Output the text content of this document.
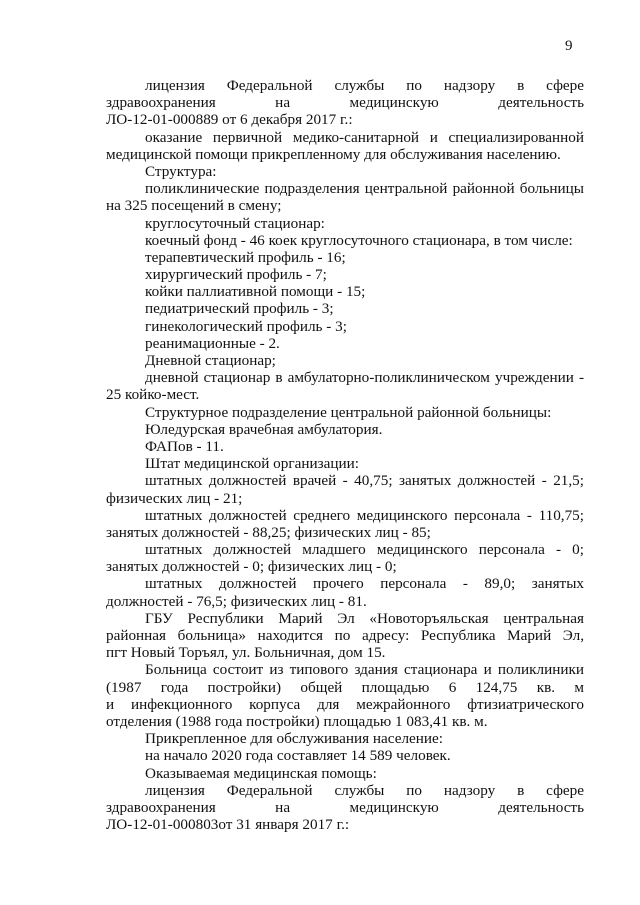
9
лицензия Федеральной службы по надзору в сфере
здравоохранения на медицинскую деятельность
ЛО-12-01-000889 от 6 декабря 2017 г.:
оказание первичной медико-санитарной и специализированной
медицинской помощи прикрепленному для обслуживания населению.
Структура:
поликлинические подразделения центральной районной больницы
на 325 посещений в смену;
круглосуточный стационар:
коечный фонд - 46 коек круглосуточного стационара, в том числе:
терапевтический профиль - 16;
хирургический профиль - 7;
койки паллиативной помощи - 15;
педиатрический профиль - 3;
гинекологический профиль - 3;
реанимационные - 2.
Дневной стационар;
дневной стационар в амбулаторно-поликлиническом учреждении -
25 койко-мест.
Структурное подразделение центральной районной больницы:
Юледурская врачебная амбулатория.
ФАПов - 11.
Штат медицинской организации:
штатных должностей врачей - 40,75; занятых должностей - 21,5;
физических лиц - 21;
штатных должностей среднего медицинского персонала - 110,75;
занятых должностей - 88,25; физических лиц - 85;
штатных должностей младшего медицинского персонала - 0;
занятых должностей - 0; физических лиц - 0;
штатных должностей прочего персонала - 89,0; занятых
должностей - 76,5; физических лиц - 81.
ГБУ Республики Марий Эл «Новоторъяльская центральная
районная больница» находится по адресу: Республика Марий Эл,
пгт Новый Торъял, ул. Больничная, дом 15.
Больница состоит из типового здания стационара и поликлиники
(1987 года постройки) общей площадью 6 124,75 кв. м
и инфекционного корпуса для межрайонного фтизиатрического
отделения (1988 года постройки) площадью 1 083,41 кв. м.
Прикрепленное для обслуживания население:
на начало 2020 года составляет 14 589 человек.
Оказываемая медицинская помощь:
лицензия Федеральной службы по надзору в сфере
здравоохранения на медицинскую деятельность
ЛО-12-01-000803от 31 января 2017 г.:
